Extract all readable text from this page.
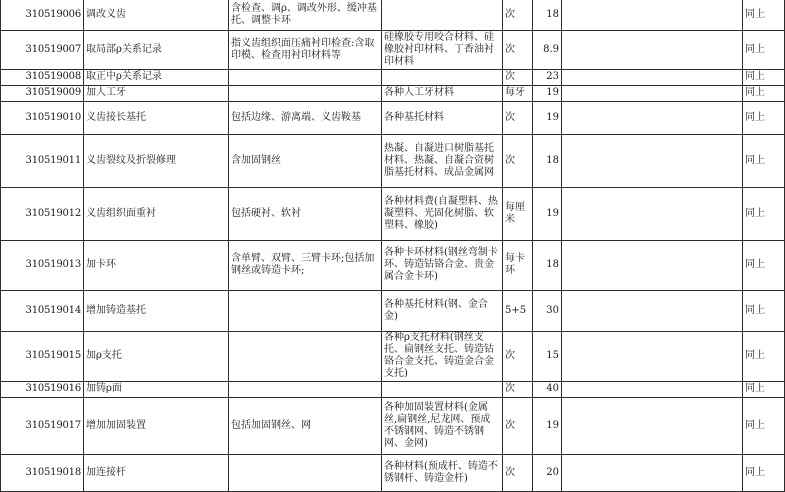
310519006	调改义齿	含检查、调ρ、调改外形、缓冲基托、调整卡环		次	18		同上
310519007	取局部ρ关系记录	指义齿组织面压痛衬印检查:含取印模、检查用衬印材料等	硅橡胶专用咬合材料、硅橡胶衬印材料、丁香油衬印材料	次	8.9		同上
310519008	取正中ρ关系记录			次	23		同上
310519009	加人工牙		各种人工牙材料	每牙	19		同上
310519010	义齿接长基托	包括边缘、游离端、义齿鞍基	各种基托材料	次	19		同上
310519011	义齿裂纹及折裂修理	含加固钢丝	热凝、自凝进口树脂基托材料、热凝、自凝合资树脂基托材料、成品金属网	次	18		同上
310519012	义齿组织面重衬	包括硬衬、软衬	各种材料费(自凝塑料、热凝塑料、光固化树脂、软塑料、橡胶)	每厘米	19		同上
310519013	加卡环	含单臂、双臂、三臂卡环;包括加钢丝或铸造卡环;	各种卡环材料(钢丝弯制卡环、铸造钴铬合金、贵金属合金卡环)	每卡环	18		同上
310519014	增加铸造基托		各种基托材料(钢、金合金)	5+5	30		同上
310519015	加ρ支托		各种ρ支托材料(钢丝支托、扁钢丝支托、铸造钴铬合金支托、铸造金合金支托)	次	15		同上
310519016	加铸ρ面			次	40		同上
310519017	增加加固装置	包括加固钢丝、网	各种加固装置材料(金属丝,扁钢丝,尼龙网、预成不锈钢网、铸造不锈钢网、金网)	次	19		同上
310519018	加连接杆		各种材料(预成杆、铸造不锈钢杆、铸造金杆)	次	20		同上
